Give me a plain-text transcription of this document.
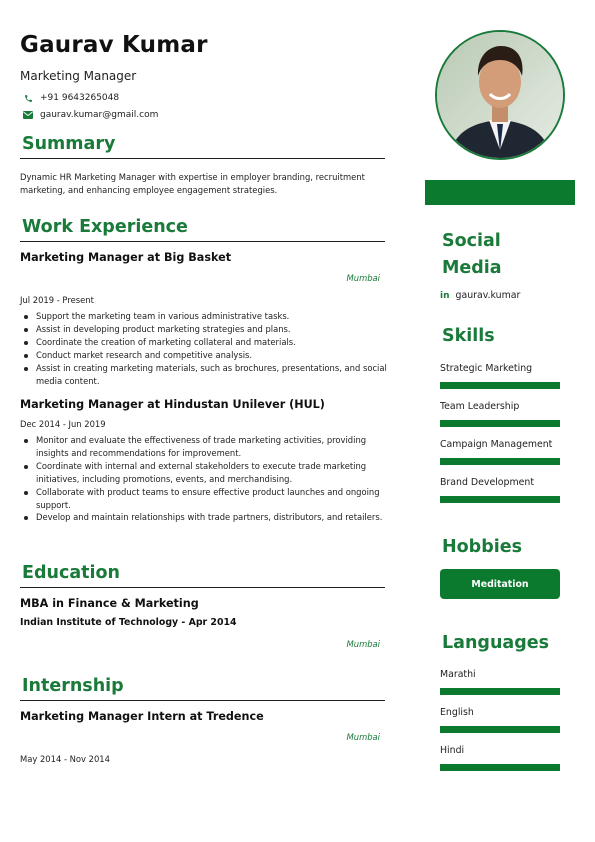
Gaurav Kumar
Marketing Manager
+91 9643265048
gaurav.kumar@gmail.com
Summary
Dynamic HR Marketing Manager with expertise in employer branding, recruitment marketing, and enhancing employee engagement strategies.
Work Experience
Marketing Manager at Big Basket
Mumbai
Jul 2019 - Present
Support the marketing team in various administrative tasks.
Assist in developing product marketing strategies and plans.
Coordinate the creation of marketing collateral and materials.
Conduct market research and competitive analysis.
Assist in creating marketing materials, such as brochures, presentations, and social media content.
Marketing Manager at Hindustan Unilever (HUL)
Dec 2014 - Jun 2019
Monitor and evaluate the effectiveness of trade marketing activities, providing insights and recommendations for improvement.
Coordinate with internal and external stakeholders to execute trade marketing initiatives, including promotions, events, and merchandising.
Collaborate with product teams to ensure effective product launches and ongoing support.
Develop and maintain relationships with trade partners, distributors, and retailers.
Education
MBA in Finance & Marketing
Indian Institute of Technology - Apr 2014
Mumbai
Internship
Marketing Manager Intern at Tredence
Mumbai
May 2014 - Nov 2014
Social
Media
in gaurav.kumar
Skills
Strategic Marketing
Team Leadership
Campaign Management
Brand Development
Hobbies
Meditation
Languages
Marathi
English
Hindi
